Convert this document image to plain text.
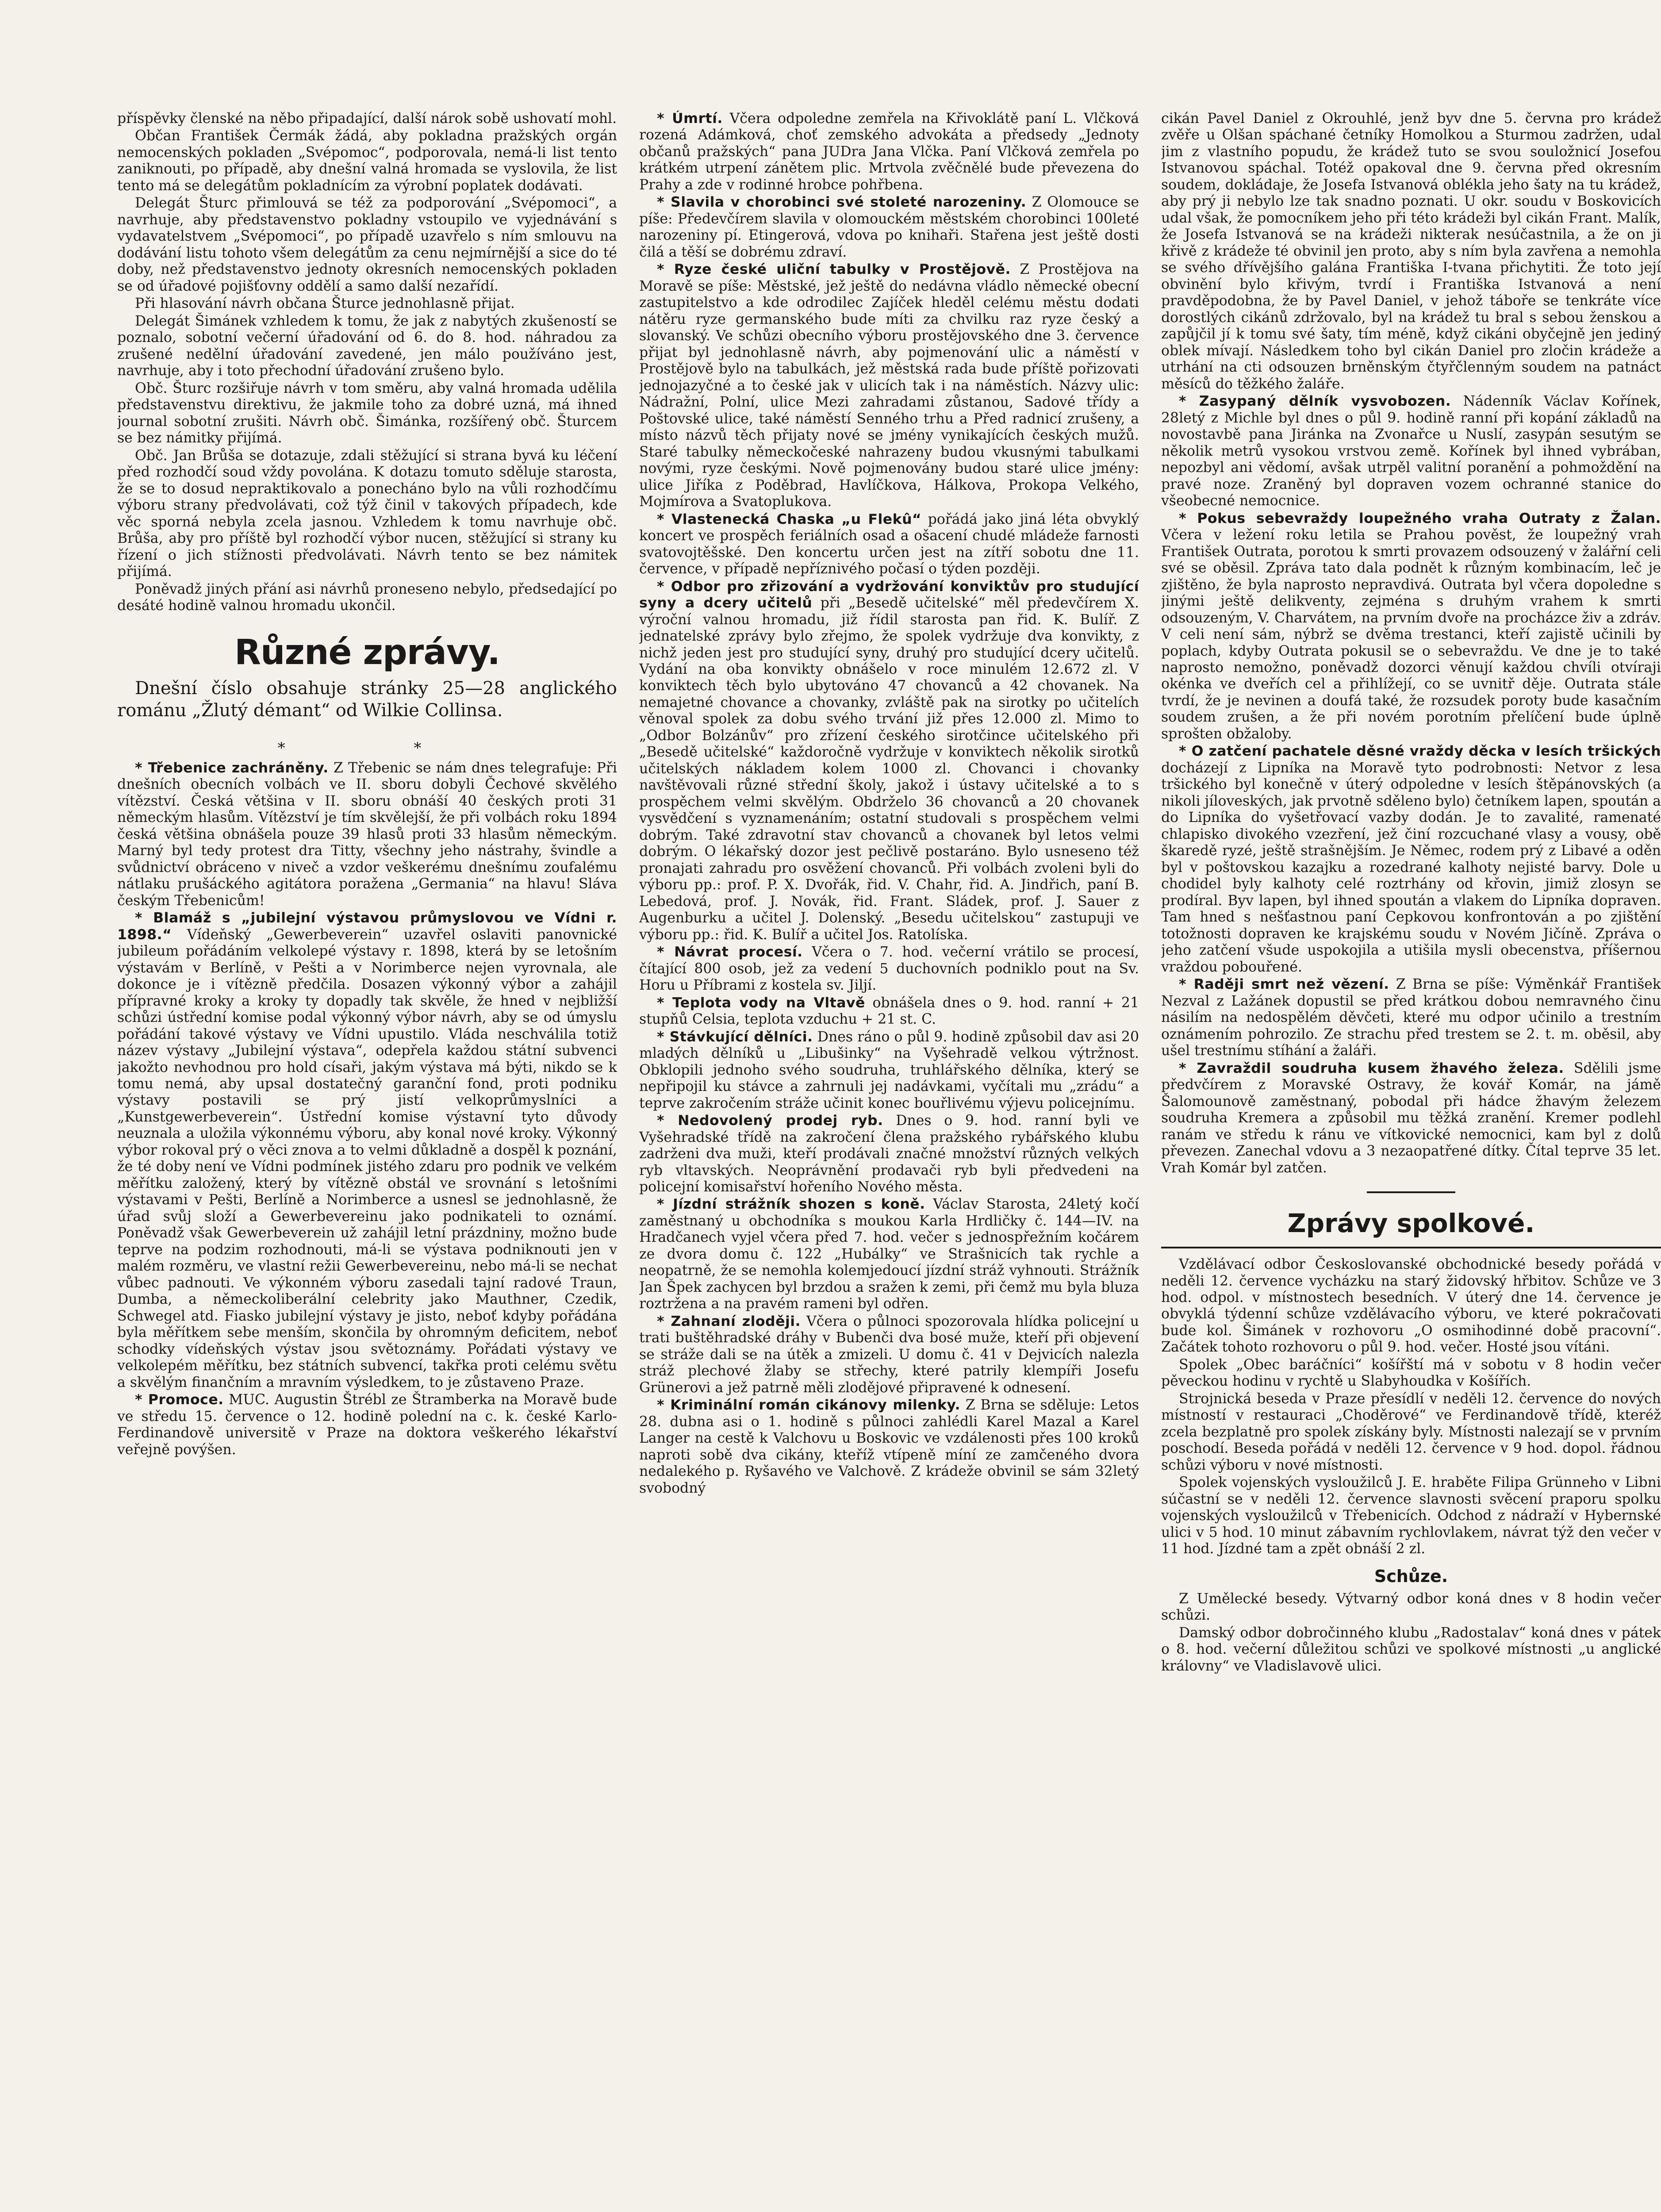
příspěvky členské na něbo připadající, další nárok sobě ushovatí mohl.

Občan František Čermák žádá, aby pokladna pražských orgán nemocenských pokladen „Svépomoc“, podporovala, nemá-li list tento zaniknouti, po případě, aby dnešní valná hromada se vyslovila, že list tento má se delegátům pokladnícím za výrobní poplatek dodávati.

Delegát Šturc přimlouvá se též za podporování „Svépomoci“, a navrhuje, aby představenstvo pokladny vstoupilo ve vyjednávání s vydavatelstvem „Svépomoci“, po případě uzavřelo s ním smlouvu na dodávání listu tohoto všem delegátům za cenu nejmírnější a sice do té doby, než představenstvo jednoty okresních nemocenských pokladen se od úřadové pojišťovny oddělí a samo další nezařídí.

Při hlasování návrh občana Šturce jednohlasně přijat.

Delegát Šimánek vzhledem k tomu, že jak z nabytých zkušeností se poznalo, sobotní večerní úřadování od 6. do 8. hod. náhradou za zrušené nedělní úřadování zavedené, jen málo používáno jest, navrhuje, aby i toto přechodní úřadování zrušeno bylo.

Obč. Šturc rozšiřuje návrh v tom směru, aby valná hromada udělila představenstvu direktivu, že jakmile toho za dobré uzná, má ihned journal sobotní zrušiti. Návrh obč. Šimánka, rozšířený obč. Šturcem se bez námitky přijímá.

Obč. Jan Brůša se dotazuje, zdali stěžující si strana byvá ku léčení před rozhodčí soud vždy povolána. K dotazu tomuto sděluje starosta, že se to dosud nepraktikovalo a ponecháno bylo na vůli rozhodčímu výboru strany předvolávati, což týž činil v takových případech, kde věc sporná nebyla zcela jasnou. Vzhledem k tomu navrhuje obč. Brůša, aby pro příště byl rozhodčí výbor nucen, stěžující si strany ku řízení o jich stížnosti předvolávati. Návrh tento se bez námitek přijímá.

Poněvadž jiných přání asi návrhů proneseno nebylo, předsedající po desáté hodině valnou hromadu ukončil.

Různé zprávy.
Dnešní číslo obsahuje stránky 25—28 anglického románu „Žlutý démant“ od Wilkie Collinsa.
* *

* Třebenice zachráněny. Z Třebenic se nám dnes telegrafuje: Při dnešních obecních volbách ve II. sboru dobyli Čechové skvělého vítězství. Česká většina v II. sboru obnáší 40 českých proti 31 německým hlasům. Vítězství je tím skvělejší, že při volbách roku 1894 česká většina obnášela pouze 39 hlasů proti 33 hlasům německým. Marný byl tedy protest dra Titty, všechny jeho nástrahy, švindle a svůdnictví obráceno v niveč a vzdor veškerému dnešnímu zoufalému nátlaku prušáckého agitátora poražena „Germania“ na hlavu! Sláva českým Třebenicům!

* Blamáž s „jubilejní výstavou průmyslovou ve Vídni r. 1898.“ Vídeňský „Gewerbeverein“ uzavřel oslaviti panovnické jubileum pořádáním velkolepé výstavy r. 1898, která by se letošním výstavám v Berlíně, v Pešti a v Norimberce nejen vyrovnala, ale dokonce je i vítězně předčila. Dosazen výkonný výbor a zahájil přípravné kroky a kroky ty dopadly tak skvěle, že hned v nejbližší schůzi ústřední komise podal výkonný výbor návrh, aby se od úmyslu pořádání takové výstavy ve Vídni upustilo. Vláda neschválila totiž název výstavy „Jubilejní výstava“, odepřela každou státní subvenci jakožto nevhodnou pro hold císaři, jakým výstava má býti, nikdo se k tomu nemá, aby upsal dostatečný garanční fond, proti podniku výstavy postavili se prý jistí velkoprůmyslníci a „Kunstgewerbeverein“. Ústřední komise výstavní tyto důvody neuznala a uložila výkonnému výboru, aby konal nové kroky. Výkonný výbor rokoval prý o věci znova a to velmi důkladně a dospěl k poznání, že té doby není ve Vídni podmínek jistého zdaru pro podnik ve velkém měřítku založený, který by vítězně obstál ve srovnání s letošními výstavami v Pešti, Berlíně a Norimberce a usnesl se jednohlasně, že úřad svůj složí a Gewerbevereinu jako podnikateli to oznámí. Poněvadž však Gewerbeverein už zahájil letní prázdniny, možno bude teprve na podzim rozhodnouti, má-li se výstava podniknouti jen v malém rozměru, ve vlastní režii Gewerbevereinu, nebo má-li se nechat vůbec padnouti. Ve výkonném výboru zasedali tajní radové Traun, Dumba, a německoliberální celebrity jako Mauthner, Czedik, Schwegel atd. Fiasko jubilejní výstavy je jisto, neboť kdyby pořádána byla měřítkem sebe menším, skončila by ohromným deficitem, neboť schodky vídeňských výstav jsou světoznámy. Pořádati výstavy ve velkolepém měřítku, bez státních subvencí, takřka proti celému světu a skvělým finančním a mravním výsledkem, to je zůstaveno Praze.

* Promoce. MUC. Augustin Štrébl ze Štramberka na Moravě bude ve středu 15. července o 12. hodině polední na c. k. české Karlo-Ferdinandově universitě v Praze na doktora veškerého lékařství veřejně povýšen.

* Úmrtí. Včera odpoledne zemřela na Křivoklátě paní L. Vlčková rozená Adámková, choť zemského advokáta a předsedy „Jednoty občanů pražských“ pana JUDra Jana Vlčka. Paní Vlčková zemřela po krátkém utrpení zánětem plic. Mrtvola zvěčnělé bude převezena do Prahy a zde v rodinné hrobce pohřbena.

* Slavila v chorobinci své stoleté narozeniny. Z Olomouce se píše: Předevčírem slavila v olomouckém městském chorobinci 100leté narozeniny pí. Etingerová, vdova po knihaři. Stařena jest ještě dosti čilá a těší se dobrému zdraví.

* Ryze české uliční tabulky v Prostějově. Z Prostějova na Moravě se píše: Městské, jež ještě do nedávna vládlo německé obecní zastupitelstvo a kde odrodilec Zajíček hleděl celému městu dodati nátěru ryze germanského bude míti za chvilku raz ryze český a slovanský. Ve schůzi obecního výboru prostějovského dne 3. července přijat byl jednohlasně návrh, aby pojmenování ulic a náměstí v Prostějově bylo na tabulkách, jež městská rada bude příště pořizovati jednojazyčné a to české jak v ulicích tak i na náměstích. Názvy ulic: Nádražní, Polní, ulice Mezi zahradami zůstanou, Sadové třídy a Poštovské ulice, také náměstí Senného trhu a Před radnicí zrušeny, a místo názvů těch přijaty nové se jmény vynikajících českých mužů. Staré tabulky německočeské nahrazeny budou vkusnými tabulkami novými, ryze českými. Nově pojmenovány budou staré ulice jmény: ulice Jiříka z Poděbrad, Havlíčkova, Hálkova, Prokopa Velkého, Mojmírova a Svatoplukova.

* Vlastenecká Chaska „u Flekû“ pořádá jako jiná léta obvyklý koncert ve prospěch feriálních osad a ošacení chudé mládeže farnosti svatovojtěšské. Den koncertu určen jest na zítří sobotu dne 11. července, v případě nepříznivého počasí o týden později.

* Odbor pro zřizování a vydržování konviktův pro studující syny a dcery učitelů při „Besedě učitelské“ měl předevčírem X. výroční valnou hromadu, již řídil starosta pan řid. K. Bulíř. Z jednatelské zprávy bylo zřejmo, že spolek vydržuje dva konvikty, z nichž jeden jest pro studující syny, druhý pro studující dcery učitelů. Vydání na oba konvikty obnášelo v roce minulém 12.672 zl. V konviktech těch bylo ubytováno 47 chovanců a 42 chovanek. Na nemajetné chovance a chovanky, zvláště pak na sirotky po učitelích věnoval spolek za dobu svého trvání již přes 12.000 zl. Mimo to „Odbor Bolzánův“ pro zřízení českého sirotčince učitelského při „Besedě učitelské“ každoročně vydržuje v konviktech několik sirotků učitelských nákladem kolem 1000 zl. Chovanci i chovanky navštěvovali různé střední školy, jakož i ústavy učitelské a to s prospěchem velmi skvělým. Obdrželo 36 chovanců a 20 chovanek vysvědčení s vyznamenáním; ostatní studovali s prospěchem velmi dobrým. Také zdravotní stav chovanců a chovanek byl letos velmi dobrým. O lékařský dozor jest pečlivě postaráno. Bylo usneseno též pronajati zahradu pro osvěžení chovanců. Při volbách zvoleni byli do výboru pp.: prof. P. X. Dvořák, řid. V. Chahr, řid. A. Jindřich, paní B. Lebedová, prof. J. Novák, řid. Frant. Sládek, prof. J. Sauer z Augenburku a učitel J. Dolenský. „Besedu učitelskou“ zastupuji ve výboru pp.: řid. K. Bulíř a učitel Jos. Ratolíska.

* Návrat procesí. Včera o 7. hod. večerní vrátilo se procesí, čítající 800 osob, jež za vedení 5 duchovních podniklo pout na Sv. Horu u Příbrami z kostela sv. Jiljí.

* Teplota vody na Vltavě obnášela dnes o 9. hod. ranní + 21 stupňů Celsia, teplota vzduchu + 21 st. C.

* Stávkující dělníci. Dnes ráno o půl 9. hodině způsobil dav asi 20 mladých dělníků u „Libušinky“ na Vyšehradě velkou výtržnost. Obklopili jednoho svého soudruha, truhlářského dělníka, který se nepřipojil ku stávce a zahrnuli jej nadávkami, vyčítali mu „zrádu“ a teprve zakročením stráže učinit konec bouřlivému výjevu policejnímu.

* Nedovolený prodej ryb. Dnes o 9. hod. ranní byli ve Vyšehradské třídě na zakročení člena pražského rybářského klubu zadrženi dva muži, kteří prodávali značné množství různých velkých ryb vltavských. Neoprávnění prodavači ryb byli předvedeni na policejní komisařství hořeního Nového města.

* Jízdní strážník shozen s koně. Václav Starosta, 24letý kočí zaměstnaný u obchodníka s moukou Karla Hrdličky č. 144—IV. na Hradčanech vyjel včera před 7. hod. večer s jednospřežním kočárem ze dvora domu č. 122 „Hubálky“ ve Strašnicích tak rychle a neopatrně, že se nemohla kolemjedoucí jízdní stráž vyhnouti. Strážník Jan Špek zachycen byl brzdou a sražen k zemi, při čemž mu byla bluza roztržena a na pravém rameni byl odřen.

* Zahnaní zloději. Včera o půlnoci spozorovala hlídka policejní u trati buštěhradské dráhy v Bubenči dva bosé muže, kteří při objevení se stráže dali se na útěk a zmizeli. U domu č. 41 v Dejvicích nalezla stráž plechové žlaby se střechy, které patrily klempíři Josefu Grünerovi a jež patrně měli zlodějové připravené k odnesení.

* Kriminální román cikánovy milenky. Z Brna se sděluje: Letos 28. dubna asi o 1. hodině s půlnoci zahlédli Karel Mazal a Karel Langer na cestě k Valchovu u Boskovic ve vzdálenosti přes 100 kroků naproti sobě dva cikány, kteříž vtípeně míní ze zamčeného dvora nedalekého p. Ryšavého ve Valchově. Z krádeže obvinil se sám 32letý svobodný

cikán Pavel Daniel z Okrouhlé, jenž byv dne 5. června pro krádež zvěře u Olšan spáchané četníky Homolkou a Sturmou zadržen, udal jim z vlastního popudu, že krádež tuto se svou souložnicí Josefou Istvanovou spáchal. Totéž opakoval dne 9. června před okresním soudem, dokládaje, že Josefa Istvanová oblékla jeho šaty na tu krádež, aby prý ji nebylo lze tak snadno poznati. U okr. soudu v Boskovicích udal však, že pomocníkem jeho při této krádeži byl cikán Frant. Malík, že Josefa Istvanová se na krádeži nikterak nesúčastnila, a že on ji křivě z krádeže té obvinil jen proto, aby s ním byla zavřena a nemohla se svého dřívějšího galána Františka I-tvana přichytiti. Že toto její obvinění bylo křivým, tvrdí i Františka Istvanová a není pravděpodobna, že by Pavel Daniel, v jehož táboře se tenkráte více dorostlých cikánů zdržovalo, byl na krádež tu bral s sebou ženskou a zapůjčil jí k tomu své šaty, tím méně, když cikáni obyčejně jen jediný oblek mívají. Následkem toho byl cikán Daniel pro zločin krádeže a utrhání na cti odsouzen brněnským čtyřčlenným soudem na patnáct měsíců do těžkého žaláře.

* Zasypaný dělník vysvobozen. Nádenník Václav Kořínek, 28letý z Michle byl dnes o půl 9. hodině ranní při kopání základů na novostavbě pana Jiránka na Zvonařce u Nuslí, zasypán sesutým se několik metrů vysokou vrstvou země. Kořínek byl ihned vybrában, nepozbyl ani vědomí, avšak utrpěl valitní poranění a pohmoždění na pravé noze. Zraněný byl dopraven vozem ochranné stanice do všeobecné nemocnice.

* Pokus sebevraždy loupežného vraha Outraty z Žalan. Včera v ležení roku letila se Prahou pověst, že loupežný vrah František Outrata, porotou k smrti provazem odsouzený v žalářní celi své se oběsil. Zpráva tato dala podnět k různým kombinacím, leč je zjištěno, že byla naprosto nepravdivá. Outrata byl včera dopoledne s jinými ještě delikventy, zejména s druhým vrahem k smrti odsouzeným, V. Charvátem, na prvním dvoře na procházce živ a zdráv. V celi není sám, nýbrž se dvěma trestanci, kteří zajistě učinili by poplach, kdyby Outrata pokusil se o sebevraždu. Ve dne je to také naprosto nemožno, poněvadž dozorci věnují každou chvíli otvíraji okénka ve dveřích cel a přihlížejí, co se uvnitř děje. Outrata stále tvrdí, že je nevinen a doufá také, že rozsudek poroty bude kasačním soudem zrušen, a že při novém porotním přelíčení bude úplně sprošten obžaloby.

* O zatčení pachatele děsné vraždy děcka v lesích tršických docházejí z Lipníka na Moravě tyto podrobnosti: Netvor z lesa tršického byl konečně v úterý odpoledne v lesích štěpánovských (a nikoli jíloveských, jak prvotně sděleno bylo) četníkem lapen, spoután a do Lipníka do vyšetřovací vazby dodán. Je to zavalité, ramenaté chlapisko divokého vzezření, jež činí rozcuchané vlasy a vousy, obě škaredě ryzé, ještě strašnějším. Je Němec, rodem prý z Libavé a oděn byl v poštovskou kazajku a rozedrané kalhoty nejisté barvy. Dole u chodidel byly kalhoty celé roztrhány od křovin, jimiž zlosyn se prodíral. Byv lapen, byl ihned spoután a vlakem do Lipníka dopraven. Tam hned s nešťastnou paní Cepkovou konfrontován a po zjištění totožnosti dopraven ke krajskému soudu v Novém Jičíně. Zpráva o jeho zatčení všude uspokojila a utišila mysli obecenstva, příšernou vraždou pobouřené.

* Raději smrt než vězení. Z Brna se píše: Výměnkář František Nezval z Lažánek dopustil se před krátkou dobou nemravného činu násilím na nedospělém děvčeti, které mu odpor učinilo a trestním oznámením pohrozilo. Ze strachu před trestem se 2. t. m. oběsil, aby ušel trestnímu stíhání a žaláři.

* Zavraždil soudruha kusem žhavého železa. Sdělili jsme předvčírem z Moravské Ostravy, že kovář Komár, na jámě Šalomounově zaměstnaný, pobodal při hádce žhavým železem soudruha Kremera a způsobil mu těžká zranění. Kremer podlehl ranám ve středu k ránu ve vítkovické nemocnici, kam byl z dolů převezen. Zanechal vdovu a 3 nezaopatřené dítky. Čítal teprve 35 let. Vrah Komár byl zatčen.

Zprávy spolkové.

Vzdělávací odbor Českoslovanské obchodnické besedy pořádá v neděli 12. července vycházku na starý židovský hřbitov. Schůze ve 3 hod. odpol. v místnostech besedních. V úterý dne 14. července je obvyklá týdenní schůze vzdělávacího výboru, ve které pokračovati bude kol. Šimánek v rozhovoru „O osmihodinné době pracovní“. Začátek tohoto rozhovoru o půl 9. hod. večer. Hosté jsou vítáni.

Spolek „Obec baráčníci“ košířští má v sobotu v 8 hodin večer pěveckou hodinu v rychtě u Slabyhoudka v Košířích.

Strojnická beseda v Praze přesídlí v neděli 12. července do nových místností v restauraci „Choděrové“ ve Ferdinandově třídě, kteréž zcela bezplatně pro spolek získány byly. Místnosti nalezají se v prvním poschodí. Beseda pořádá v neděli 12. července v 9 hod. dopol. řádnou schůzi výboru v nové místnosti.

Spolek vojenských vysloužilců J. E. hraběte Filipa Grünneho v Libni súčastní se v neděli 12. července slavnosti svěcení praporu spolku vojenských vysloužilců v Třebenicích. Odchod z nádraží v Hybernské ulici v 5 hod. 10 minut zábavním rychlovlakem, návrat týž den večer v 11 hod. Jízdné tam a zpět obnáší 2 zl.

Schůze.

Z Umělecké besedy. Výtvarný odbor koná dnes v 8 hodin večer schůzi.

Damský odbor dobročinného klubu „Radostalav“ koná dnes v pátek o 8. hod. večerní důležitou schůzi ve spolkové místnosti „u anglické královny“ ve Vladislavově ulici.
